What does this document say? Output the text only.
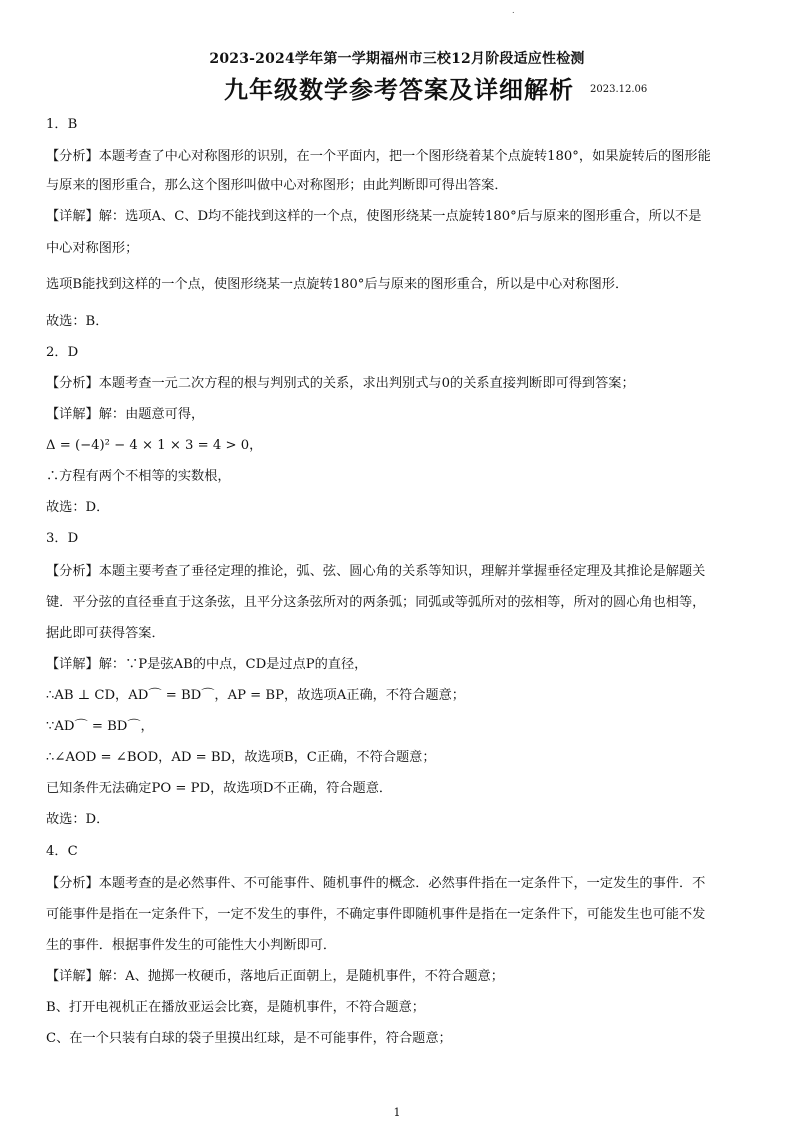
.
2023-2024学年第一学期福州市三校12月阶段适应性检测
九年级数学参考答案及详细解析 2023.12.06
1．B
【分析】本题考查了中心对称图形的识别，在一个平面内，把一个图形绕着某个点旋转180°，如果旋转后的图形能
与原来的图形重合，那么这个图形叫做中心对称图形；由此判断即可得出答案．
【详解】解：选项A、C、D均不能找到这样的一个点，使图形绕某一点旋转180°后与原来的图形重合，所以不是
中心对称图形；
选项B能找到这样的一个点，使图形绕某一点旋转180°后与原来的图形重合，所以是中心对称图形．
故选：B．
2．D
【分析】本题考查一元二次方程的根与判别式的关系，求出判别式与0的关系直接判断即可得到答案；
【详解】解：由题意可得，
Δ = (−4)² − 4 × 1 × 3 = 4 > 0，
∴方程有两个不相等的实数根，
故选：D．
3．D
【分析】本题主要考查了垂径定理的推论，弧、弦、圆心角的关系等知识，理解并掌握垂径定理及其推论是解题关
键．平分弦的直径垂直于这条弦，且平分这条弦所对的两条弧；同弧或等弧所对的弦相等，所对的圆心角也相等，
据此即可获得答案．
【详解】解：∵P是弦AB的中点，CD是过点P的直径，
∴AB ⊥ CD，AD⌒ = BD⌒，AP = BP，故选项A正确，不符合题意；
∵AD⌒ = BD⌒，
∴∠AOD = ∠BOD，AD = BD，故选项B，C正确，不符合题意；
已知条件无法确定PO = PD，故选项D不正确，符合题意．
故选：D．
4．C
【分析】本题考查的是必然事件、不可能事件、随机事件的概念．必然事件指在一定条件下，一定发生的事件．不
可能事件是指在一定条件下，一定不发生的事件，不确定事件即随机事件是指在一定条件下，可能发生也可能不发
生的事件．根据事件发生的可能性大小判断即可．
【详解】解：A、抛掷一枚硬币，落地后正面朝上，是随机事件，不符合题意；
B、打开电视机正在播放亚运会比赛，是随机事件，不符合题意；
C、在一个只装有白球的袋子里摸出红球，是不可能事件，符合题意；
1
